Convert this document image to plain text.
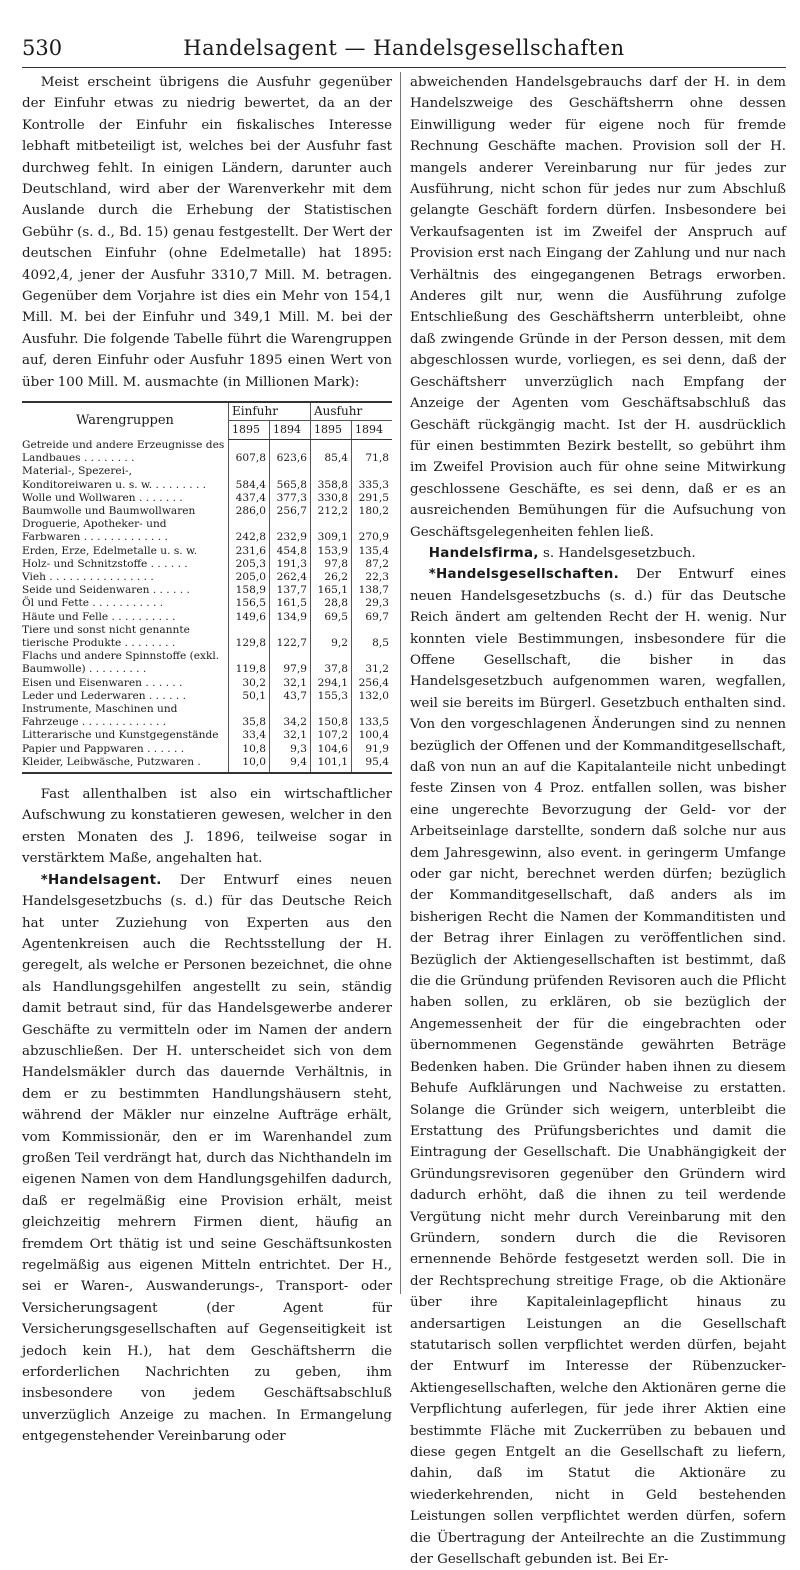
530	Handelsagent — Handelsgesellschaften

Meist erscheint übrigens die Ausfuhr gegenüber der Einfuhr etwas zu niedrig bewertet, da an der Kontrolle der Einfuhr ein fiskalisches Interesse lebhaft mitbeteiligt ist, welches bei der Ausfuhr fast durchweg fehlt. In einigen Ländern, darunter auch Deutschland, wird aber der Warenverkehr mit dem Auslande durch die Erhebung der Statistischen Gebühr (s. d., Bd. 15) genau festgestellt. Der Wert der deutschen Einfuhr (ohne Edelmetalle) hat 1895: 4092,4, jener der Ausfuhr 3310,7 Mill. M. betragen. Gegenüber dem Vorjahre ist dies ein Mehr von 154,1 Mill. M. bei der Einfuhr und 349,1 Mill. M. bei der Ausfuhr. Die folgende Tabelle führt die Warengruppen auf, deren Einfuhr oder Ausfuhr 1895 einen Wert von über 100 Mill. M. ausmachte (in Millionen Mark):

Warengruppen	Einfuhr		Ausfuhr	
	1895	1894	1895	1894
Getreide und andere Erzeugnisse des Landbaues . . . . . . . .	607,8	623,6	85,4	71,8
Material-, Spezerei-, Konditoreiwaren u. s. w. . . . . . . . .	584,4	565,8	358,8	335,3
Wolle und Wollwaren . . . . . . .	437,4	377,3	330,8	291,5
Baumwolle und Baumwollwaren	286,0	256,7	212,2	180,2
Droguerie, Apotheker- und Farbwaren . . . . . . . . . . . . .	242,8	232,9	309,1	270,9
Erden, Erze, Edelmetalle u. s. w.	231,6	454,8	153,9	135,4
Holz- und Schnitzstoffe . . . . . .	205,3	191,3	97,8	87,2
Vieh . . . . . . . . . . . . . . . .	205,0	262,4	26,2	22,3
Seide und Seidenwaren . . . . . .	158,9	137,7	165,1	138,7
Öl und Fette . . . . . . . . . . .	156,5	161,5	28,8	29,3
Häute und Felle . . . . . . . . . .	149,6	134,9	69,5	69,7
Tiere und sonst nicht genannte tierische Produkte . . . . . . . .	129,8	122,7	9,2	8,5
Flachs und andere Spinnstoffe (exkl. Baumwolle) . . . . . . . . .	119,8	97,9	37,8	31,2
Eisen und Eisenwaren . . . . . .	30,2	32,1	294,1	256,4
Leder und Lederwaren . . . . . .	50,1	43,7	155,3	132,0
Instrumente, Maschinen und Fahrzeuge . . . . . . . . . . . . .	35,8	34,2	150,8	133,5
Litterarische und Kunstgegenstände	33,4	32,1	107,2	100,4
Papier und Pappwaren . . . . . .	10,8	9,3	104,6	91,9
Kleider, Leibwäsche, Putzwaren .	10,0	9,4	101,1	95,4

Fast allenthalben ist also ein wirtschaftlicher Aufschwung zu konstatieren gewesen, welcher in den ersten Monaten des J. 1896, teilweise sogar in verstärktem Maße, angehalten hat.

*Handelsagent. Der Entwurf eines neuen Handelsgesetzbuchs (s. d.) für das Deutsche Reich hat unter Zuziehung von Experten aus den Agentenkreisen auch die Rechtsstellung der H. geregelt, als welche er Personen bezeichnet, die ohne als Handlungsgehilfen angestellt zu sein, ständig damit betraut sind, für das Handelsgewerbe anderer Geschäfte zu vermitteln oder im Namen der andern abzuschließen. Der H. unterscheidet sich von dem Handelsmäkler durch das dauernde Verhältnis, in dem er zu bestimmten Handlungshäusern steht, während der Mäkler nur einzelne Aufträge erhält, vom Kommissionär, den er im Warenhandel zum großen Teil verdrängt hat, durch das Nichthandeln im eigenen Namen von dem Handlungsgehilfen dadurch, daß er regelmäßig eine Provision erhält, meist gleichzeitig mehrern Firmen dient, häufig an fremdem Ort thätig ist und seine Geschäftsunkosten regelmäßig aus eigenen Mitteln entrichtet. Der H., sei er Waren-, Auswanderungs-, Transport- oder Versicherungsagent (der Agent für Versicherungsgesellschaften auf Gegenseitigkeit ist jedoch kein H.), hat dem Geschäftsherrn die erforderlichen Nachrichten zu geben, ihm insbesondere von jedem Geschäftsabschluß unverzüglich Anzeige zu machen. In Ermangelung entgegenstehender Vereinbarung oder

abweichenden Handelsgebrauchs darf der H. in dem Handelszweige des Geschäftsherrn ohne dessen Einwilligung weder für eigene noch für fremde Rechnung Geschäfte machen. Provision soll der H. mangels anderer Vereinbarung nur für jedes zur Ausführung, nicht schon für jedes nur zum Abschluß gelangte Geschäft fordern dürfen. Insbesondere bei Verkaufsagenten ist im Zweifel der Anspruch auf Provision erst nach Eingang der Zahlung und nur nach Verhältnis des eingegangenen Betrags erworben. Anderes gilt nur, wenn die Ausführung zufolge Entschließung des Geschäftsherrn unterbleibt, ohne daß zwingende Gründe in der Person dessen, mit dem abgeschlossen wurde, vorliegen, es sei denn, daß der Geschäftsherr unverzüglich nach Empfang der Anzeige der Agenten vom Geschäftsabschluß das Geschäft rückgängig macht. Ist der H. ausdrücklich für einen bestimmten Bezirk bestellt, so gebührt ihm im Zweifel Provision auch für ohne seine Mitwirkung geschlossene Geschäfte, es sei denn, daß er es an ausreichenden Bemühungen für die Aufsuchung von Geschäftsgelegenheiten fehlen ließ.

Handelsfirma, s. Handelsgesetzbuch.

*Handelsgesellschaften. Der Entwurf eines neuen Handelsgesetzbuchs (s. d.) für das Deutsche Reich ändert am geltenden Recht der H. wenig. Nur konnten viele Bestimmungen, insbesondere für die Offene Gesellschaft, die bisher in das Handelsgesetzbuch aufgenommen waren, wegfallen, weil sie bereits im Bürgerl. Gesetzbuch enthalten sind. Von den vorgeschlagenen Änderungen sind zu nennen bezüglich der Offenen und der Kommanditgesellschaft, daß von nun an auf die Kapitalanteile nicht unbedingt feste Zinsen von 4 Proz. entfallen sollen, was bisher eine ungerechte Bevorzugung der Geld- vor der Arbeitseinlage darstellte, sondern daß solche nur aus dem Jahresgewinn, also event. in geringerm Umfange oder gar nicht, berechnet werden dürfen; bezüglich der Kommanditgesellschaft, daß anders als im bisherigen Recht die Namen der Kommanditisten und der Betrag ihrer Einlagen zu veröffentlichen sind. Bezüglich der Aktiengesellschaften ist bestimmt, daß die die Gründung prüfenden Revisoren auch die Pflicht haben sollen, zu erklären, ob sie bezüglich der Angemessenheit der für die eingebrachten oder übernommenen Gegenstände gewährten Beträge Bedenken haben. Die Gründer haben ihnen zu diesem Behufe Aufklärungen und Nachweise zu erstatten. Solange die Gründer sich weigern, unterbleibt die Erstattung des Prüfungsberichtes und damit die Eintragung der Gesellschaft. Die Unabhängigkeit der Gründungsrevisoren gegenüber den Gründern wird dadurch erhöht, daß die ihnen zu teil werdende Vergütung nicht mehr durch Vereinbarung mit den Gründern, sondern durch die die Revisoren ernennende Behörde festgesetzt werden soll. Die in der Rechtsprechung streitige Frage, ob die Aktionäre über ihre Kapitaleinlagepflicht hinaus zu andersartigen Leistungen an die Gesellschaft statutarisch sollen verpflichtet werden dürfen, bejaht der Entwurf im Interesse der Rübenzucker-Aktiengesellschaften, welche den Aktionären gerne die Verpflichtung auferlegen, für jede ihrer Aktien eine bestimmte Fläche mit Zuckerrüben zu bebauen und diese gegen Entgelt an die Gesellschaft zu liefern, dahin, daß im Statut die Aktionäre zu wiederkehrenden, nicht in Geld bestehenden Leistungen sollen verpflichtet werden dürfen, sofern die Übertragung der Anteilrechte an die Zustimmung der Gesellschaft gebunden ist. Bei Er-
